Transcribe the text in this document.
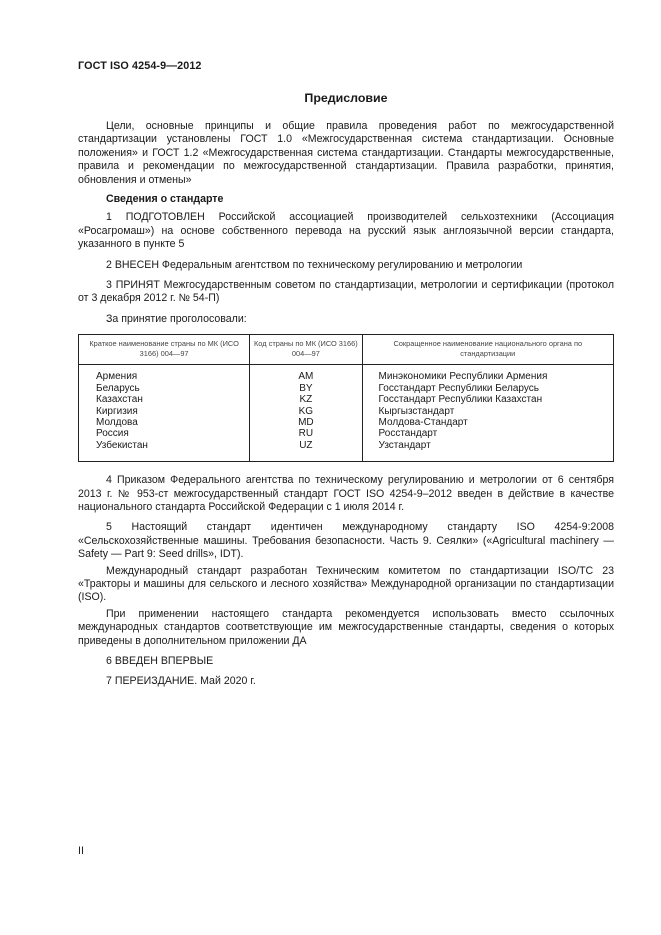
ГОСТ ISO 4254-9—2012
Предисловие

Цели, основные принципы и общие правила проведения работ по межгосударственной стандартизации установлены ГОСТ 1.0 «Межгосударственная система стандартизации. Основные положения» и ГОСТ 1.2 «Межгосударственная система стандартизации. Стандарты межгосударственные, правила и рекомендации по межгосударственной стандартизации. Правила разработки, принятия, обновления и отмены»

Сведения о стандарте

1 ПОДГОТОВЛЕН Российской ассоциацией производителей сельхозтехники (Ассоциация «Росагромаш») на основе собственного перевода на русский язык англоязычной версии стандарта, указанного в пункте 5

2 ВНЕСЕН Федеральным агентством по техническому регулированию и метрологии

3 ПРИНЯТ Межгосударственным советом по стандартизации, метрологии и сертификации (протокол от 3 декабря 2012 г. № 54-П)

За принятие проголосовали:

Краткое наименование страны по МК (ИСО 3166) 004—97	Код страны по МК (ИСО 3166) 004—97	Сокращенное наименование национального органа по стандартизации
Армения	AM	Минэкономики Республики Армения
Беларусь	BY	Госстандарт Республики Беларусь
Казахстан	KZ	Госстандарт Республики Казахстан
Киргизия	KG	Кыргызстандарт
Молдова	MD	Молдова-Стандарт
Россия	RU	Росстандарт
Узбекистан	UZ	Узстандарт

4 Приказом Федерального агентства по техническому регулированию и метрологии от 6 сентября 2013 г. № 953-ст межгосударственный стандарт ГОСТ ISO 4254-9–2012 введен в действие в качестве национального стандарта Российской Федерации с 1 июля 2014 г.

5 Настоящий стандарт идентичен международному стандарту ISO 4254-9:2008 «Сельскохозяйственные машины. Требования безопасности. Часть 9. Сеялки» («Agricultural machinery — Safety — Part 9: Seed drills», IDT).

Международный стандарт разработан Техническим комитетом по стандартизации ISO/TC 23 «Тракторы и машины для сельского и лесного хозяйства» Международной организации по стандартизации (ISO).

При применении настоящего стандарта рекомендуется использовать вместо ссылочных международных стандартов соответствующие им межгосударственные стандарты, сведения о которых приведены в дополнительном приложении ДА

6 ВВЕДЕН ВПЕРВЫЕ

7 ПЕРЕИЗДАНИЕ. Май 2020 г.

II
